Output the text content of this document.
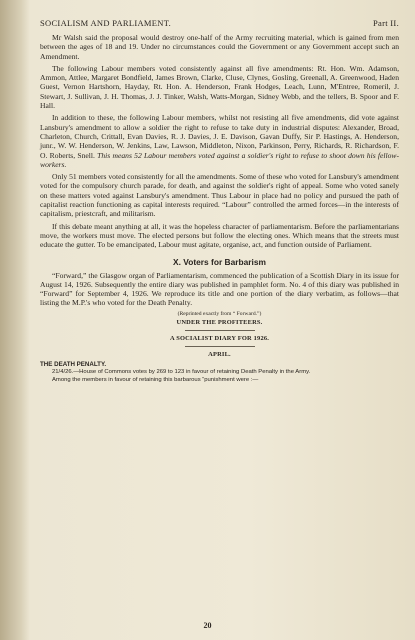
SOCIALISM AND PARLIAMENT.	Part II.

Mr Walsh said the proposal would destroy one-half of the Army recruiting material, which is gained from men between the ages of 18 and 19. Under no circumstances could the Government or any Government accept such an Amendment.

The following Labour members voted consistently against all five amendments: Rt. Hon. Wm. Adamson, Ammon, Attlee, Margaret Bondfield, James Brown, Clarke, Cluse, Clynes, Gosling, Greenall, A. Greenwood, Haden Guest, Vernon Hartshorn, Hayday, Rt. Hon. A. Henderson, Frank Hodges, Leach, Lunn, M'Entree, Romeril, J. Stewart, J. Sullivan, J. H. Thomas, J. J. Tinker, Walsh, Watts-Morgan, Sidney Webb, and the tellers, B. Spoor and F. Hall.

In addition to these, the following Labour members, whilst not resisting all five amendments, did vote against Lansbury's amendment to allow a soldier the right to refuse to take duty in industrial disputes: Alexander, Broad, Charleton, Church, Crittall, Evan Davies, R. J. Davies, J. E. Davison, Gavan Duffy, Sir P. Hastings, A. Henderson, junr., W. W. Henderson, W. Jenkins, Law, Lawson, Middleton, Nixon, Parkinson, Perry, Richards, R. Richardson, F. O. Roberts, Snell. This means 52 Labour members voted against a soldier's right to refuse to shoot down his fellow-workers.

Only 51 members voted consistently for all the amendments. Some of these who voted for Lansbury's amendment voted for the compulsory church parade, for death, and against the soldier's right of appeal. Some who voted sanely on these matters voted against Lansbury's amendment. Thus Labour in place had no policy and pursued the path of capitalist reaction functioning as capital interests required. “Labour” controlled the armed forces—in the interests of capitalism, priestcraft, and militarism.

If this debate meant anything at all, it was the hopeless character of parliamentarism. Before the parliamentarians move, the workers must move. The elected persons but follow the electing ones. Which means that the streets must educate the gutter. To be emancipated, Labour must agitate, organise, act, and function outside of Parliament.

X. Voters for Barbarism

“Forward,” the Glasgow organ of Parliamentarism, commenced the publication of a Scottish Diary in its issue for August 14, 1926. Subsequently the entire diary was published in pamphlet form. No. 4 of this diary was published in “Forward” for September 4, 1926. We reproduce its title and one portion of the diary verbatim, as follows—that listing the M.P.'s who voted for the Death Penalty.

(Reprinted exactly from “ Forward.”)
UNDER THE PROFITEERS.
A SOCIALIST DIARY FOR 1926.
APRIL.
THE DEATH PENALTY.

21/4/26.—House of Commons votes by 269 to 123 in favour of retaining Death Penalty in the Army.

Among the members in favour of retaining this barbarous “punishment were :—

20
